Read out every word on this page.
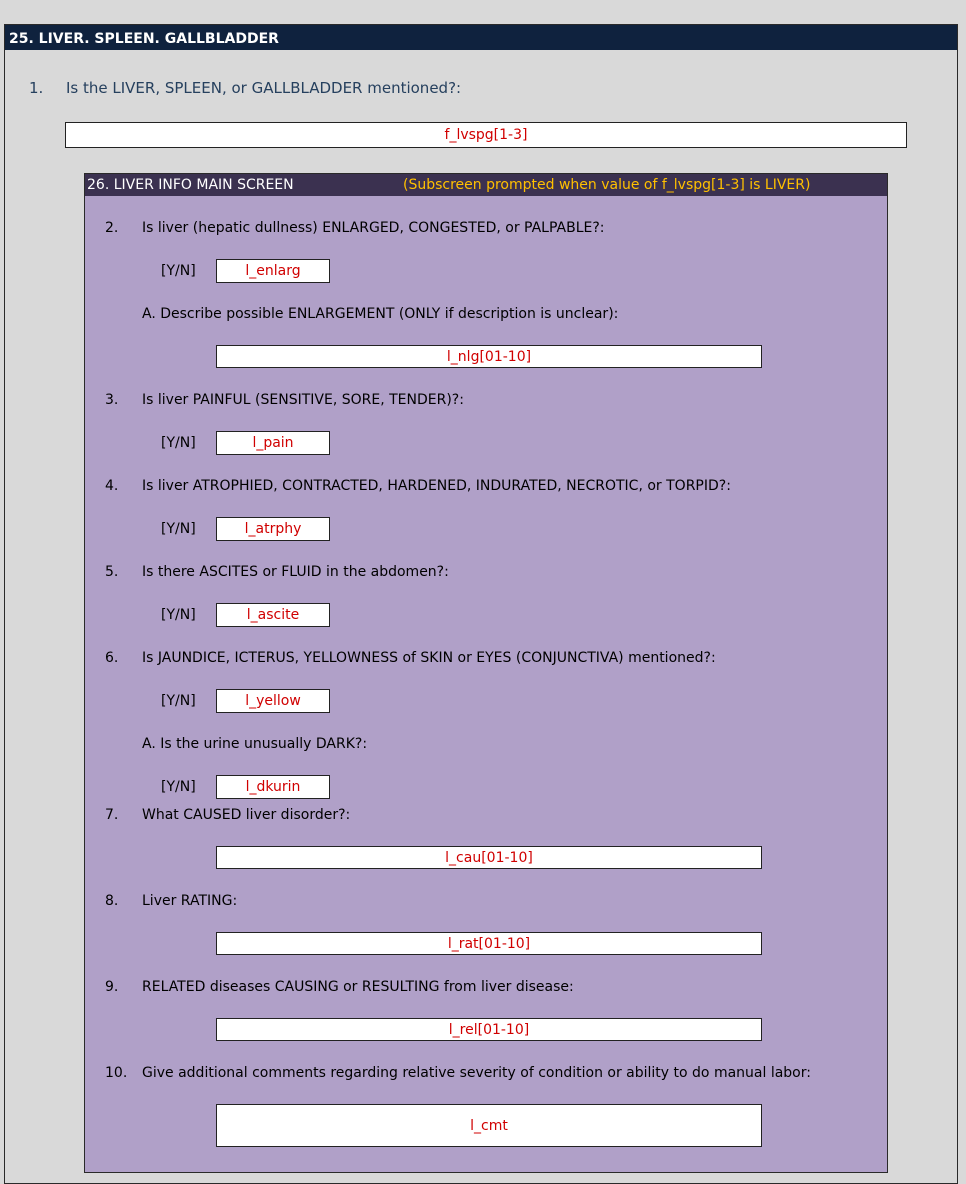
25. LIVER. SPLEEN. GALLBLADDER
1. Is the LIVER, SPLEEN, or GALLBLADDER mentioned?:
f_lvspg[1-3]
26. LIVER INFO MAIN SCREEN	(Subscreen prompted when value of f_lvspg[1-3] is LIVER)
2. Is liver (hepatic dullness) ENLARGED, CONGESTED, or PALPABLE?:
[Y/N]	l_enlarg
A. Describe possible ENLARGEMENT (ONLY if description is unclear):
l_nlg[01-10]
3. Is liver PAINFUL (SENSITIVE, SORE, TENDER)?:
[Y/N]	l_pain
4. Is liver ATROPHIED, CONTRACTED, HARDENED, INDURATED, NECROTIC, or TORPID?:
[Y/N]	l_atrphy
5. Is there ASCITES or FLUID in the abdomen?:
[Y/N]	l_ascite
6. Is JAUNDICE, ICTERUS, YELLOWNESS of SKIN or EYES (CONJUNCTIVA) mentioned?:
[Y/N]	l_yellow
A. Is the urine unusually DARK?:
[Y/N]	l_dkurin
7. What CAUSED liver disorder?:
l_cau[01-10]
8. Liver RATING:
l_rat[01-10]
9. RELATED diseases CAUSING or RESULTING from liver disease:
l_rel[01-10]
10. Give additional comments regarding relative severity of condition or ability to do manual labor:
l_cmt
